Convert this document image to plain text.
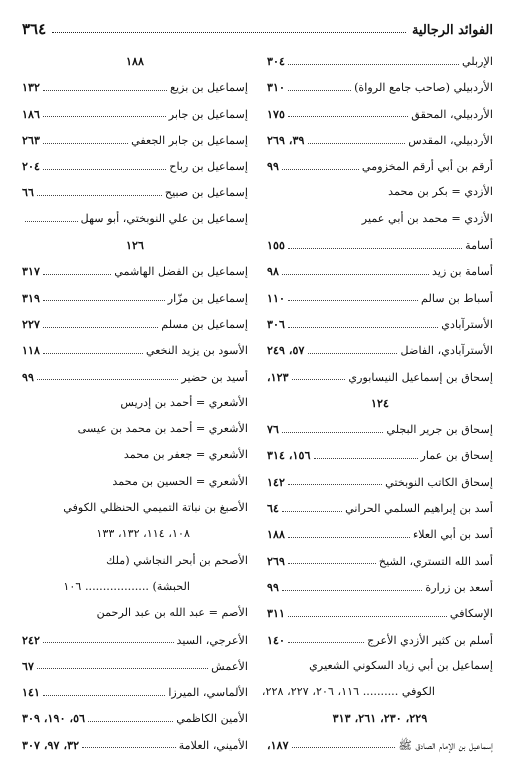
الفوائد الرجالية
٣٦٤
الإربلي
٣٠٤
الأردبيلي (صاحب جامع الرواة)
٣١٠
الأردبيلي، المحقق
١٧٥
الأردبيلي، المقدس
٣٩، ٢٦٩
أرقم بن أبي أرقم المخزومي
٩٩
الأزدي = بكر بن محمد
الأزدي = محمد بن أبي عمير
أسامة
١٥٥
أسامة بن زيد
٩٨
أسباط بن سالم
١١٠
الأسترآبادي
٣٠٦
الأسترآبادي، الفاضل
٥٧، ٢٤٩
إسحاق بن إسماعيل النيسابوري
١٢٣،
١٢٤
إسحاق بن جرير البجلي
٧٦
إسحاق بن عمار
١٥٦، ٣١٤
إسحاق الكاتب النوبختي
١٤٢
أسد بن إبراهيم السلمي الحراني
٦٤
أسد بن أبي العلاء
١٨٨
أسد الله التستري، الشيخ
٢٦٩
أسعد بن زرارة
٩٩
الإسكافي
٣١١
أسلم بن كثير الأزدي الأعرج
١٤٠
إسماعيل بن أبي زياد السكوني الشعيري
الكوفي .......... ١١٦، ٢٠٦، ٢٢٧، ٢٢٨،
٢٢٩، ٢٣٠، ٢٦١، ٣١٣
إسماعيل بن الإمام الصادق ﷺ
١٨٧،
١٨٨
إسماعيل بن بزيع
١٣٢
إسماعيل بن جابر
١٨٦
إسماعيل بن جابر الجعفي
٢٦٣
إسماعيل بن رباح
٢٠٤
إسماعيل بن صبيح
٦٦
إسماعيل بن علي النوبختي، أبو سهل
١٢٦
إسماعيل بن الفضل الهاشمي
٣١٧
إسماعيل بن مزّار
٣١٩
إسماعيل بن مسلم
٢٢٧
الأسود بن يزيد النخعي
١١٨
أسيد بن حضير
٩٩
الأشعري = أحمد بن إدريس
الأشعري = أحمد بن محمد بن عيسى
الأشعري = جعفر بن محمد
الأشعري = الحسين بن محمد
الأصبغ بن نباتة التميمي الحنظلي الكوفي
١٠٨، ١١٤، ١٣٢، ١٣٣
الأصحم بن أبحر النجاشي (ملك
الحبشة) .................. ١٠٦
الأصم = عبد الله بن عبد الرحمن
الأعرجي، السيد
٢٤٢
الأعمش
٦٧
الألماسي، الميرزا
١٤١
الأمين الكاظمي
٥٦، ١٩٠، ٣٠٩
الأميني، العلامة
٣٢، ٩٧، ٣٠٧
